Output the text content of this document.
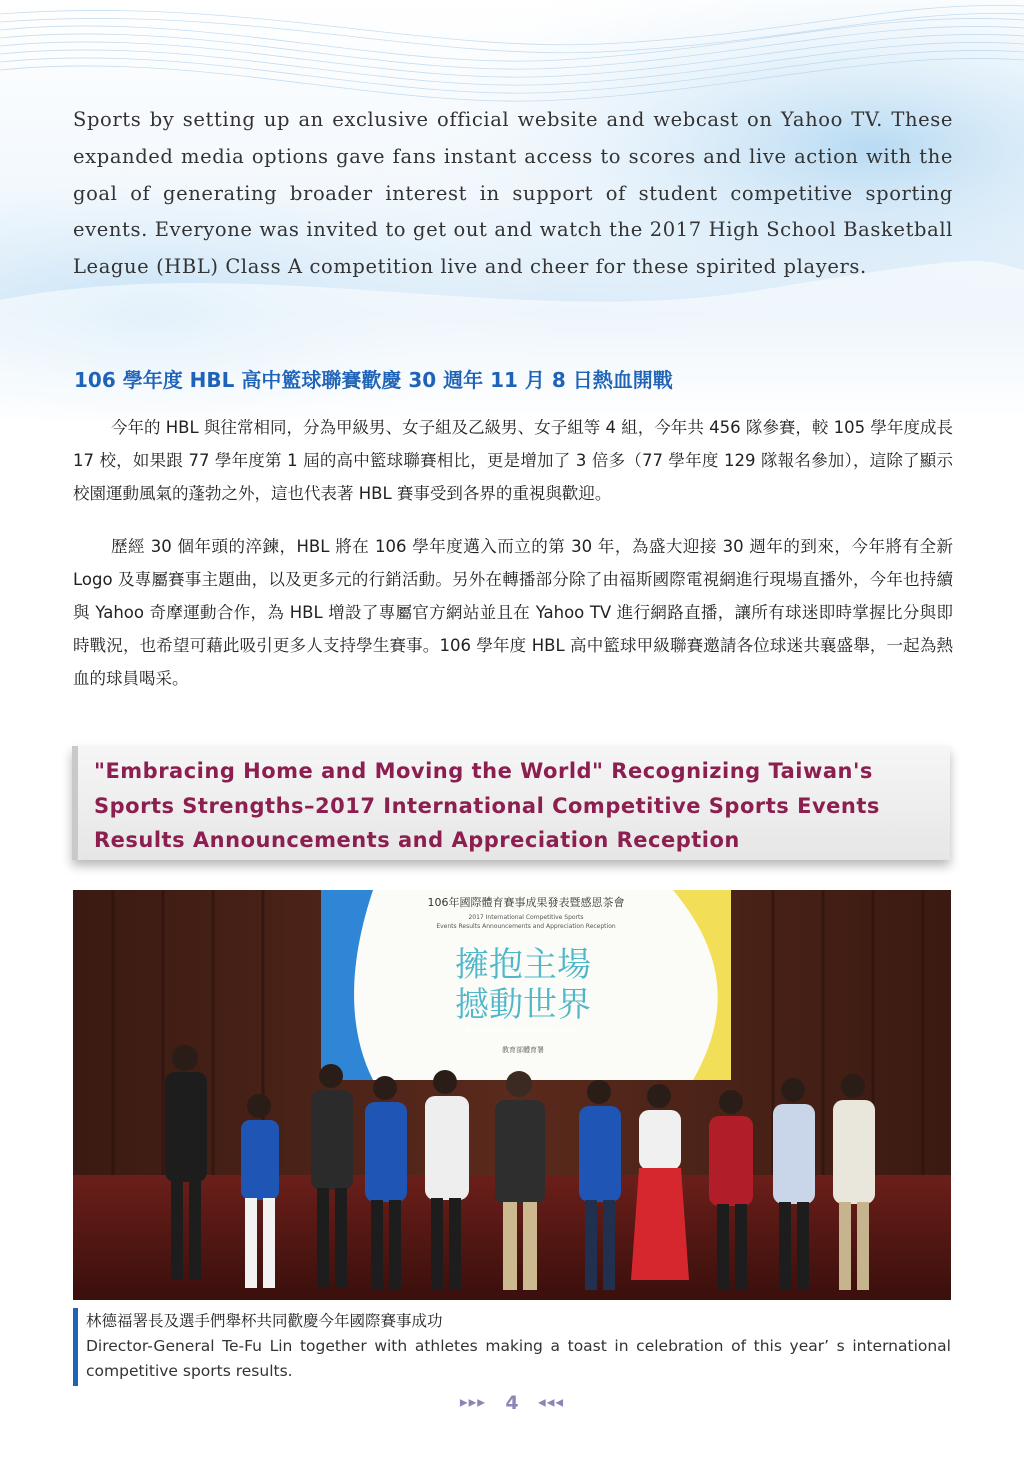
Sports by setting up an exclusive official website and webcast on Yahoo TV. These expanded media options gave fans instant access to scores and live action with the goal of generating broader interest in support of student competitive sporting events. Everyone was invited to get out and watch the 2017 High School Basketball League (HBL) Class A competition live and cheer for these spirited players.

106 學年度 HBL 高中籃球聯賽歡慶 30 週年 11 月 8 日熱血開戰

今年的 HBL 與往常相同，分為甲級男、女子組及乙級男、女子組等 4 組，今年共 456 隊參賽，較 105 學年度成長 17 校，如果跟 77 學年度第 1 屆的高中籃球聯賽相比，更是增加了 3 倍多（77 學年度 129 隊報名參加），這除了顯示校園運動風氣的蓬勃之外，這也代表著 HBL 賽事受到各界的重視與歡迎。

歷經 30 個年頭的淬鍊，HBL 將在 106 學年度邁入而立的第 30 年，為盛大迎接 30 週年的到來，今年將有全新 Logo 及專屬賽事主題曲，以及更多元的行銷活動。另外在轉播部分除了由福斯國際電視網進行現場直播外，今年也持續與 Yahoo 奇摩運動合作，為 HBL 增設了專屬官方網站並且在 Yahoo TV 進行網路直播，讓所有球迷即時掌握比分與即時戰況，也希望可藉此吸引更多人支持學生賽事。106 學年度 HBL 高中籃球甲級聯賽邀請各位球迷共襄盛舉，一起為熱血的球員喝采。

"Embracing Home and Moving the World" Recognizing Taiwan's Sports Strengths–2017 International Competitive Sports Events Results Announcements and Appreciation Reception

106年國際體育賽事成果發表暨感恩茶會
2017 International Competitive Sports
Events Results Announcements and Appreciation Reception
擁抱主場
撼動世界
Be the Host and Move the World
教育部體育署

林德福署長及選手們舉杯共同歡慶今年國際賽事成功

Director-General Te-Fu Lin together with athletes making a toast in celebration of this year’ s international competitive sports results.

▶▶▶ 4 ◀◀◀
